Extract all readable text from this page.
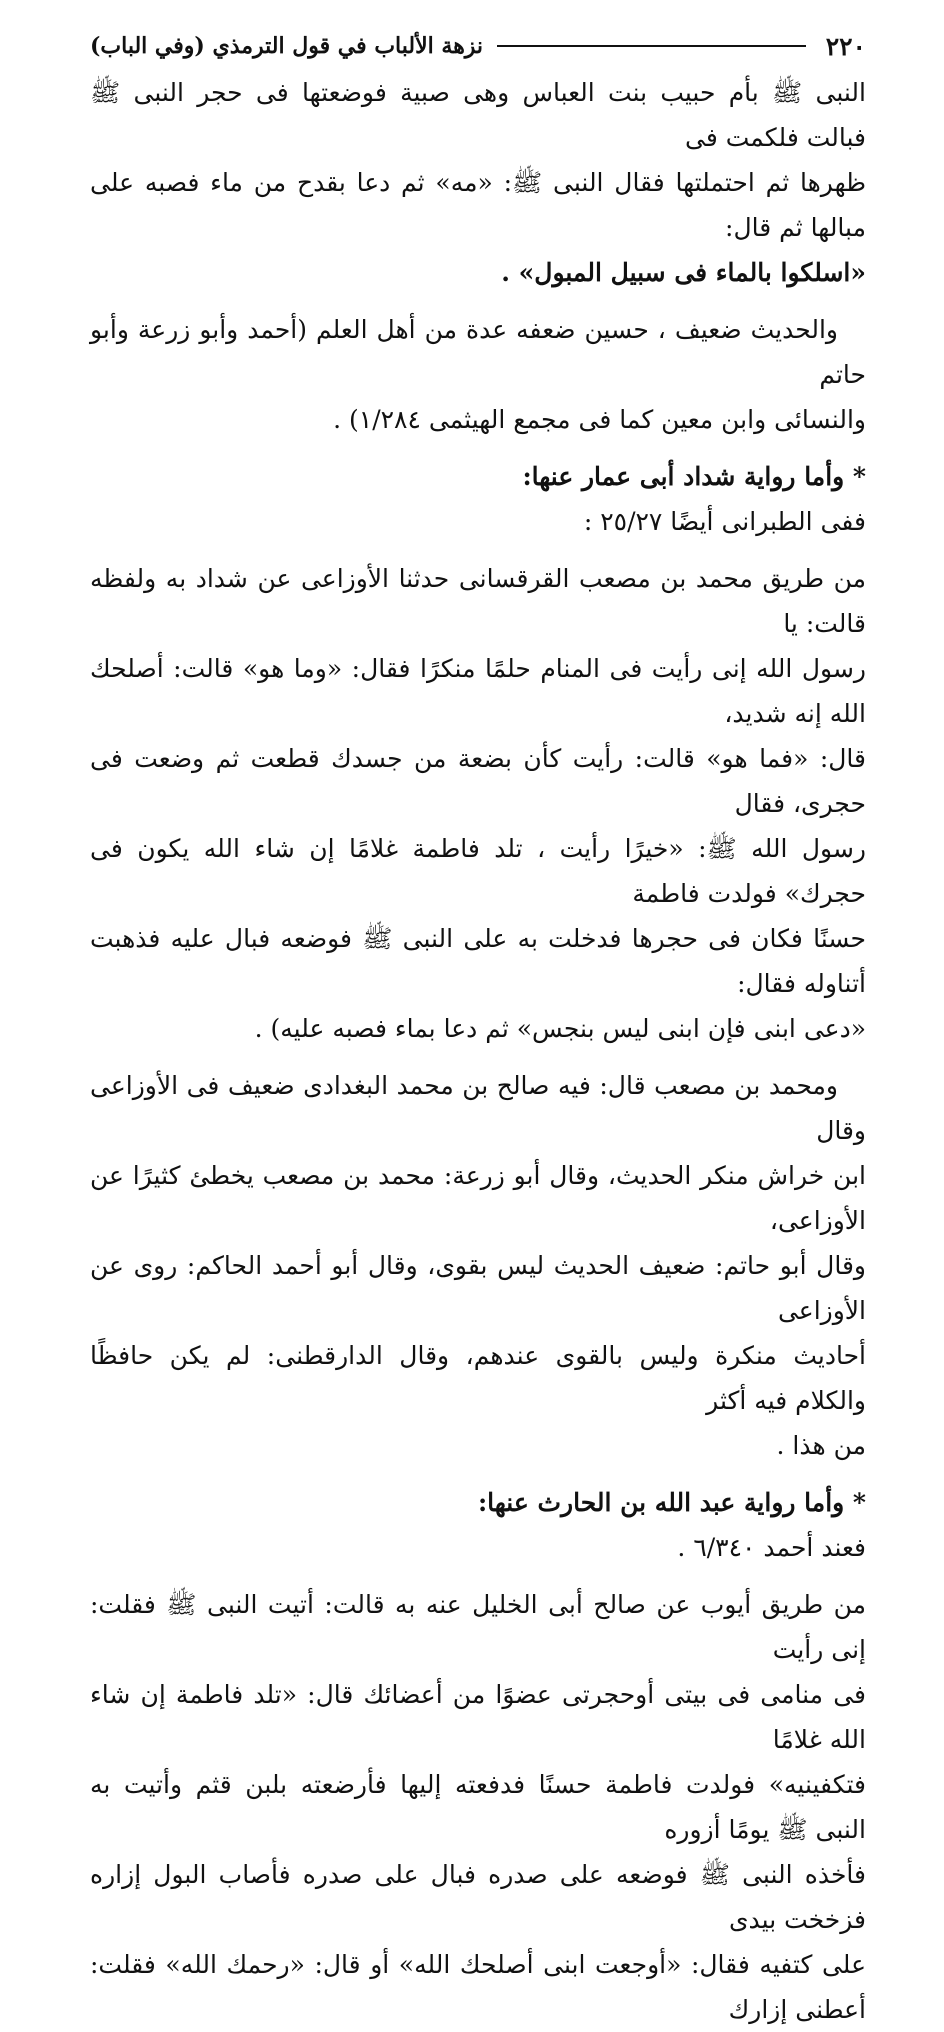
٢٢٠
نزهة الألباب في قول الترمذي (وفي الباب)

النبى ﷺ بأم حبيب بنت العباس وهى صبية فوضعتها فى حجر النبى ﷺ فبالت فلكمت فى

ظهرها ثم احتملتها فقال النبى ﷺ: «مه» ثم دعا بقدح من ماء فصبه على مبالها ثم قال:

«اسلكوا بالماء فى سبيل المبول» .

والحديث ضعيف ، حسين ضعفه عدة من أهل العلم (أحمد وأبو زرعة وأبو حاتم

والنسائى وابن معين كما فى مجمع الهيثمى ١/٢٨٤) .

* وأما رواية شداد أبى عمار عنها:

ففى الطبرانى أيضًا ٢٥/٢٧ :

من طريق محمد بن مصعب القرقسانى حدثنا الأوزاعى عن شداد به ولفظه قالت: يا

رسول الله إنى رأيت فى المنام حلمًا منكرًا فقال: «وما هو» قالت: أصلحك الله إنه شديد،

قال: «فما هو» قالت: رأيت كأن بضعة من جسدك قطعت ثم وضعت فى حجرى، فقال

رسول الله ﷺ: «خيرًا رأيت ، تلد فاطمة غلامًا إن شاء الله يكون فى حجرك» فولدت فاطمة

حسنًا فكان فى حجرها فدخلت به على النبى ﷺ فوضعه فبال عليه فذهبت أتناوله فقال:

«دعى ابنى فإن ابنى ليس بنجس» ثم دعا بماء فصبه عليه) .

ومحمد بن مصعب قال: فيه صالح بن محمد البغدادى ضعيف فى الأوزاعى وقال

ابن خراش منكر الحديث، وقال أبو زرعة: محمد بن مصعب يخطئ كثيرًا عن الأوزاعى،

وقال أبو حاتم: ضعيف الحديث ليس بقوى، وقال أبو أحمد الحاكم: روى عن الأوزاعى

أحاديث منكرة وليس بالقوى عندهم، وقال الدارقطنى: لم يكن حافظًا والكلام فيه أكثر

من هذا .

* وأما رواية عبد الله بن الحارث عنها:

فعند أحمد ٦/٣٤٠ .

من طريق أيوب عن صالح أبى الخليل عنه به قالت: أتيت النبى ﷺ فقلت: إنى رأيت

فى منامى فى بيتى أوحجرتى عضوًا من أعضائك قال: «تلد فاطمة إن شاء الله غلامًا

فتكفينيه» فولدت فاطمة حسنًا فدفعته إليها فأرضعته بلبن قثم وأتيت به النبى ﷺ يومًا أزوره

فأخذه النبى ﷺ فوضعه على صدره فبال على صدره فأصاب البول إزاره فزخخت بيدى

على كتفيه فقال: «أوجعت ابنى أصلحك الله» أو قال: «رحمك الله» فقلت: أعطنى إزارك
